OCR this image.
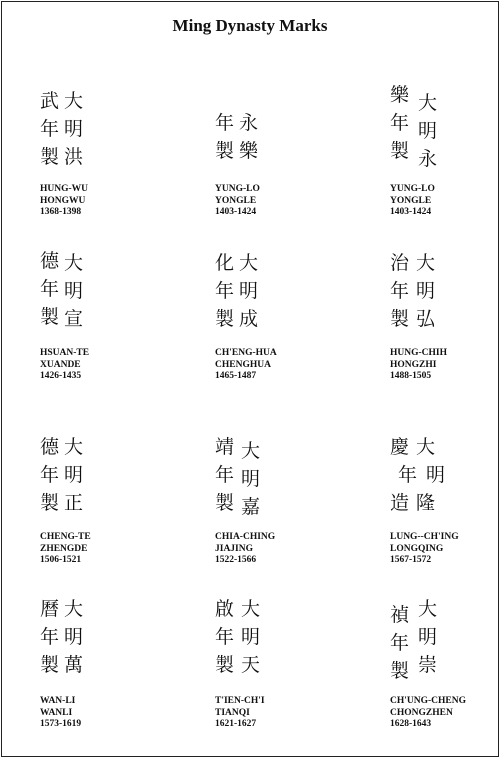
Ming Dynasty Marks
大
明
洪
武
年
製
HUNG-WU
HONGWU
1368-1398
永
樂
年
製
YUNG-LO
YONGLE
1403-1424
大
明
永
樂
年
製
YUNG-LO
YONGLE
1403-1424
大
明
宣
德
年
製
HSUAN-TE
XUANDE
1426-1435
大
明
成
化
年
製
CH'ENG-HUA
CHENGHUA
1465-1487
大
明
弘
治
年
製
HUNG-CHIH
HONGZHI
1488-1505
大
明
正
德
年
製
CHENG-TE
ZHENGDE
1506-1521
大
明
嘉
靖
年
製
CHIA-CHING
JIAJING
1522-1566
大
明
隆
慶
年
造
LUNG--CH'ING
LONGQING
1567-1572
大
明
萬
曆
年
製
WAN-LI
WANLI
1573-1619
大
明
天
啟
年
製
T'IEN-CH'I
TIANQI
1621-1627
大
明
崇
禎
年
製
CH'UNG-CHENG
CHONGZHEN
1628-1643
